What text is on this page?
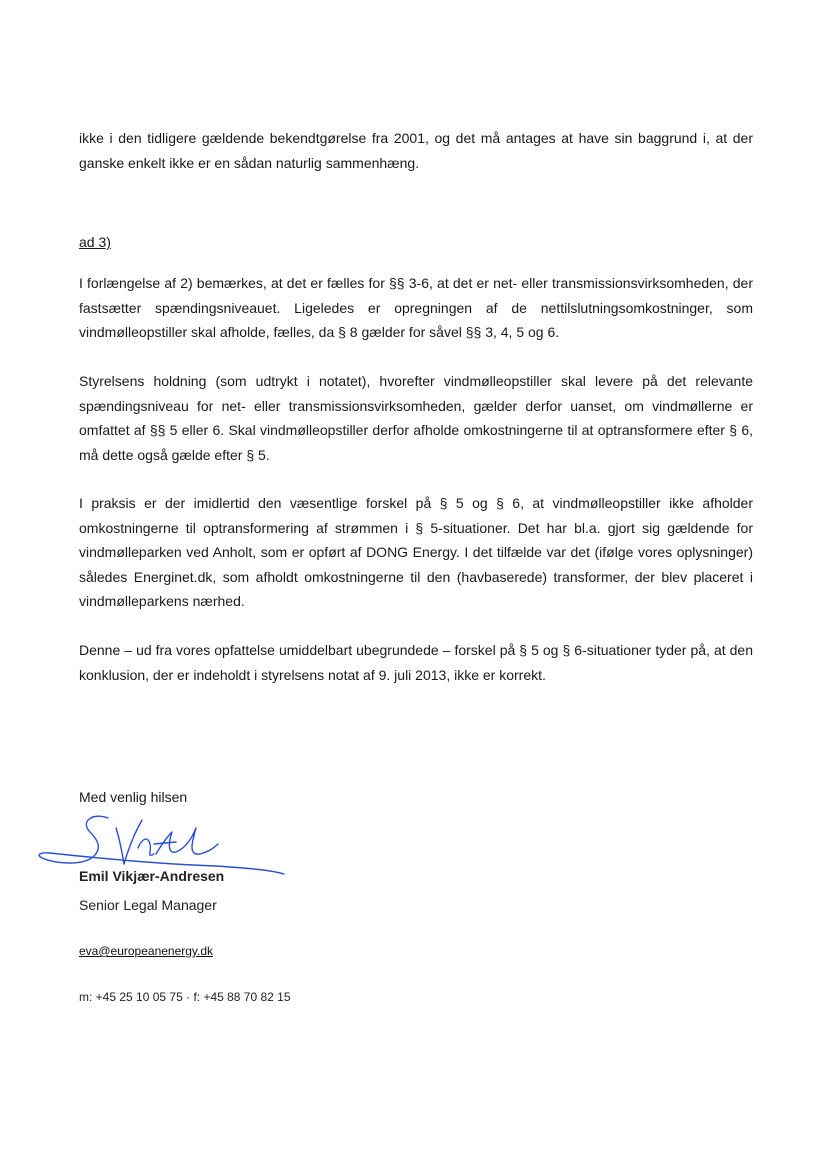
ikke i den tidligere gældende bekendtgørelse fra 2001, og det må antages at have sin baggrund i, at der ganske enkelt ikke er en sådan naturlig sammenhæng.

ad 3)

I forlængelse af 2) bemærkes, at det er fælles for §§ 3-6, at det er net- eller transmissionsvirksomheden, der fastsætter spændingsniveauet. Ligeledes er opregningen af de nettilslutningsomkostninger, som vindmølleopstiller skal afholde, fælles, da § 8 gælder for såvel §§ 3, 4, 5 og 6.

Styrelsens holdning (som udtrykt i notatet), hvorefter vindmølleopstiller skal levere på det relevante spændingsniveau for net- eller transmissionsvirksomheden, gælder derfor uanset, om vindmøllerne er omfattet af §§ 5 eller 6. Skal vindmølleopstiller derfor afholde omkostningerne til at optransformere efter § 6, må dette også gælde efter § 5.

I praksis er der imidlertid den væsentlige forskel på § 5 og § 6, at vindmølleopstiller ikke afholder omkostningerne til optransformering af strømmen i § 5-situationer. Det har bl.a. gjort sig gældende for vindmølleparken ved Anholt, som er opført af DONG Energy. I det tilfælde var det (ifølge vores oplysninger) således Energinet.dk, som afholdt omkostningerne til den (havbaserede) transformer, der blev placeret i vindmølleparkens nærhed.

Denne – ud fra vores opfattelse umiddelbart ubegrundede – forskel på § 5 og § 6-situationer tyder på, at den konklusion, der er indeholdt i styrelsens notat af 9. juli 2013, ikke er korrekt.

Med venlig hilsen
Emil Vikjær-Andresen
Senior Legal Manager
eva@europeanenergy.dk
m: +45 25 10 05 75 · f: +45 88 70 82 15
